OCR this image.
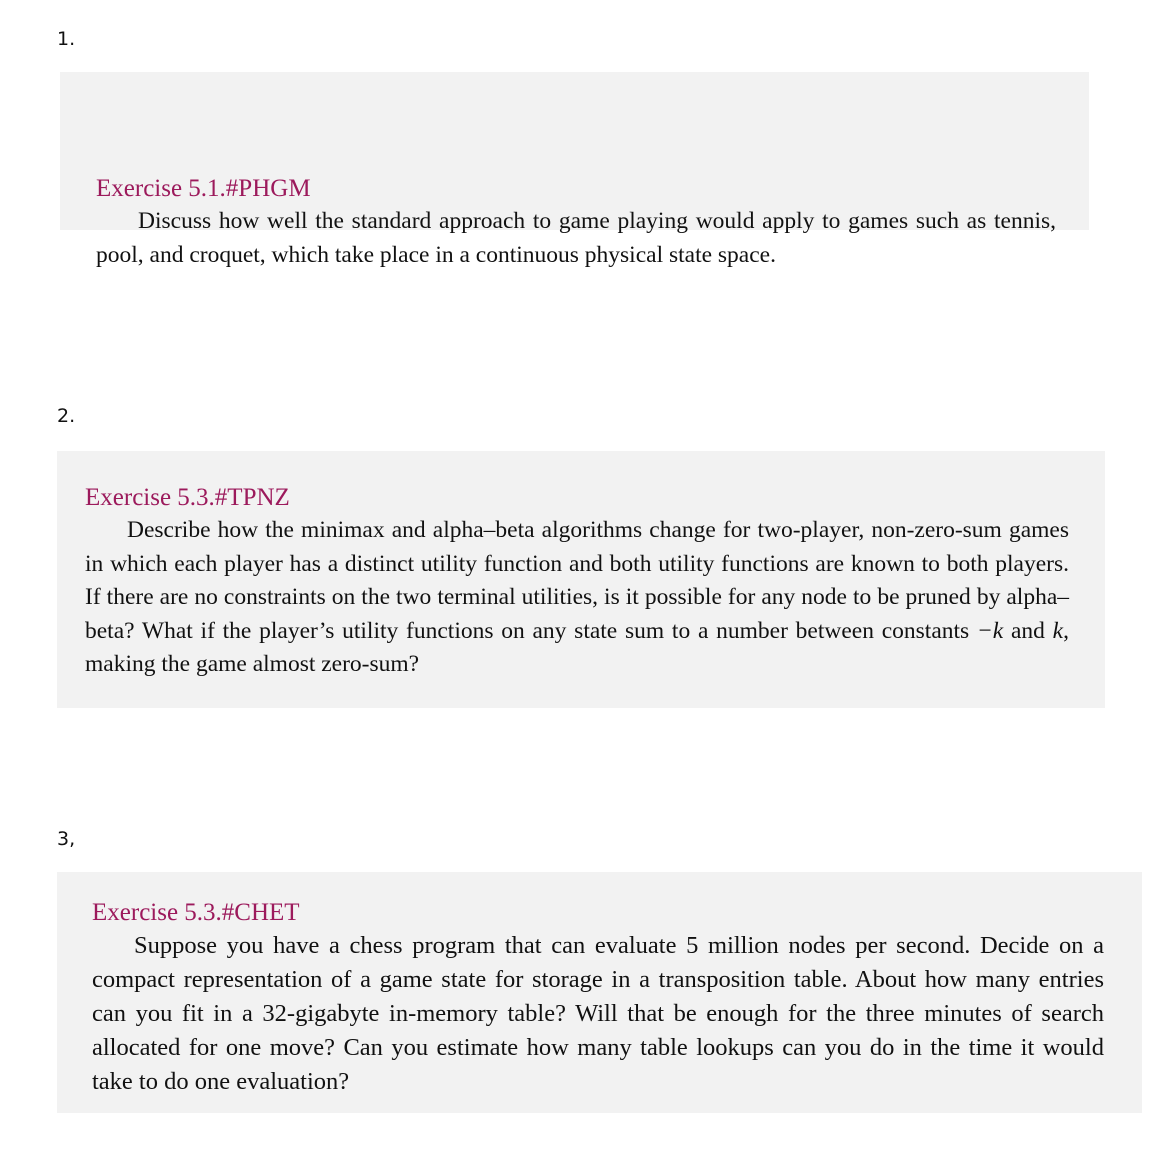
1.
Exercise 5.1.#PHGM
Discuss how well the standard approach to game playing would apply to games such as tennis, pool, and croquet, which take place in a continuous physical state space.
2.
Exercise 5.3.#TPNZ
Describe how the minimax and alpha–beta algorithms change for two-player, non-zero-sum games in which each player has a distinct utility function and both utility functions are known to both players. If there are no constraints on the two terminal utilities, is it possible for any node to be pruned by alpha–beta? What if the player’s utility functions on any state sum to a number between constants −k and k, making the game almost zero-sum?
3,
Exercise 5.3.#CHET
Suppose you have a chess program that can evaluate 5 million nodes per second. Decide on a compact representation of a game state for storage in a transposition table. About how many entries can you fit in a 32-gigabyte in-memory table? Will that be enough for the three minutes of search allocated for one move? Can you estimate how many table lookups can you do in the time it would take to do one evaluation?
